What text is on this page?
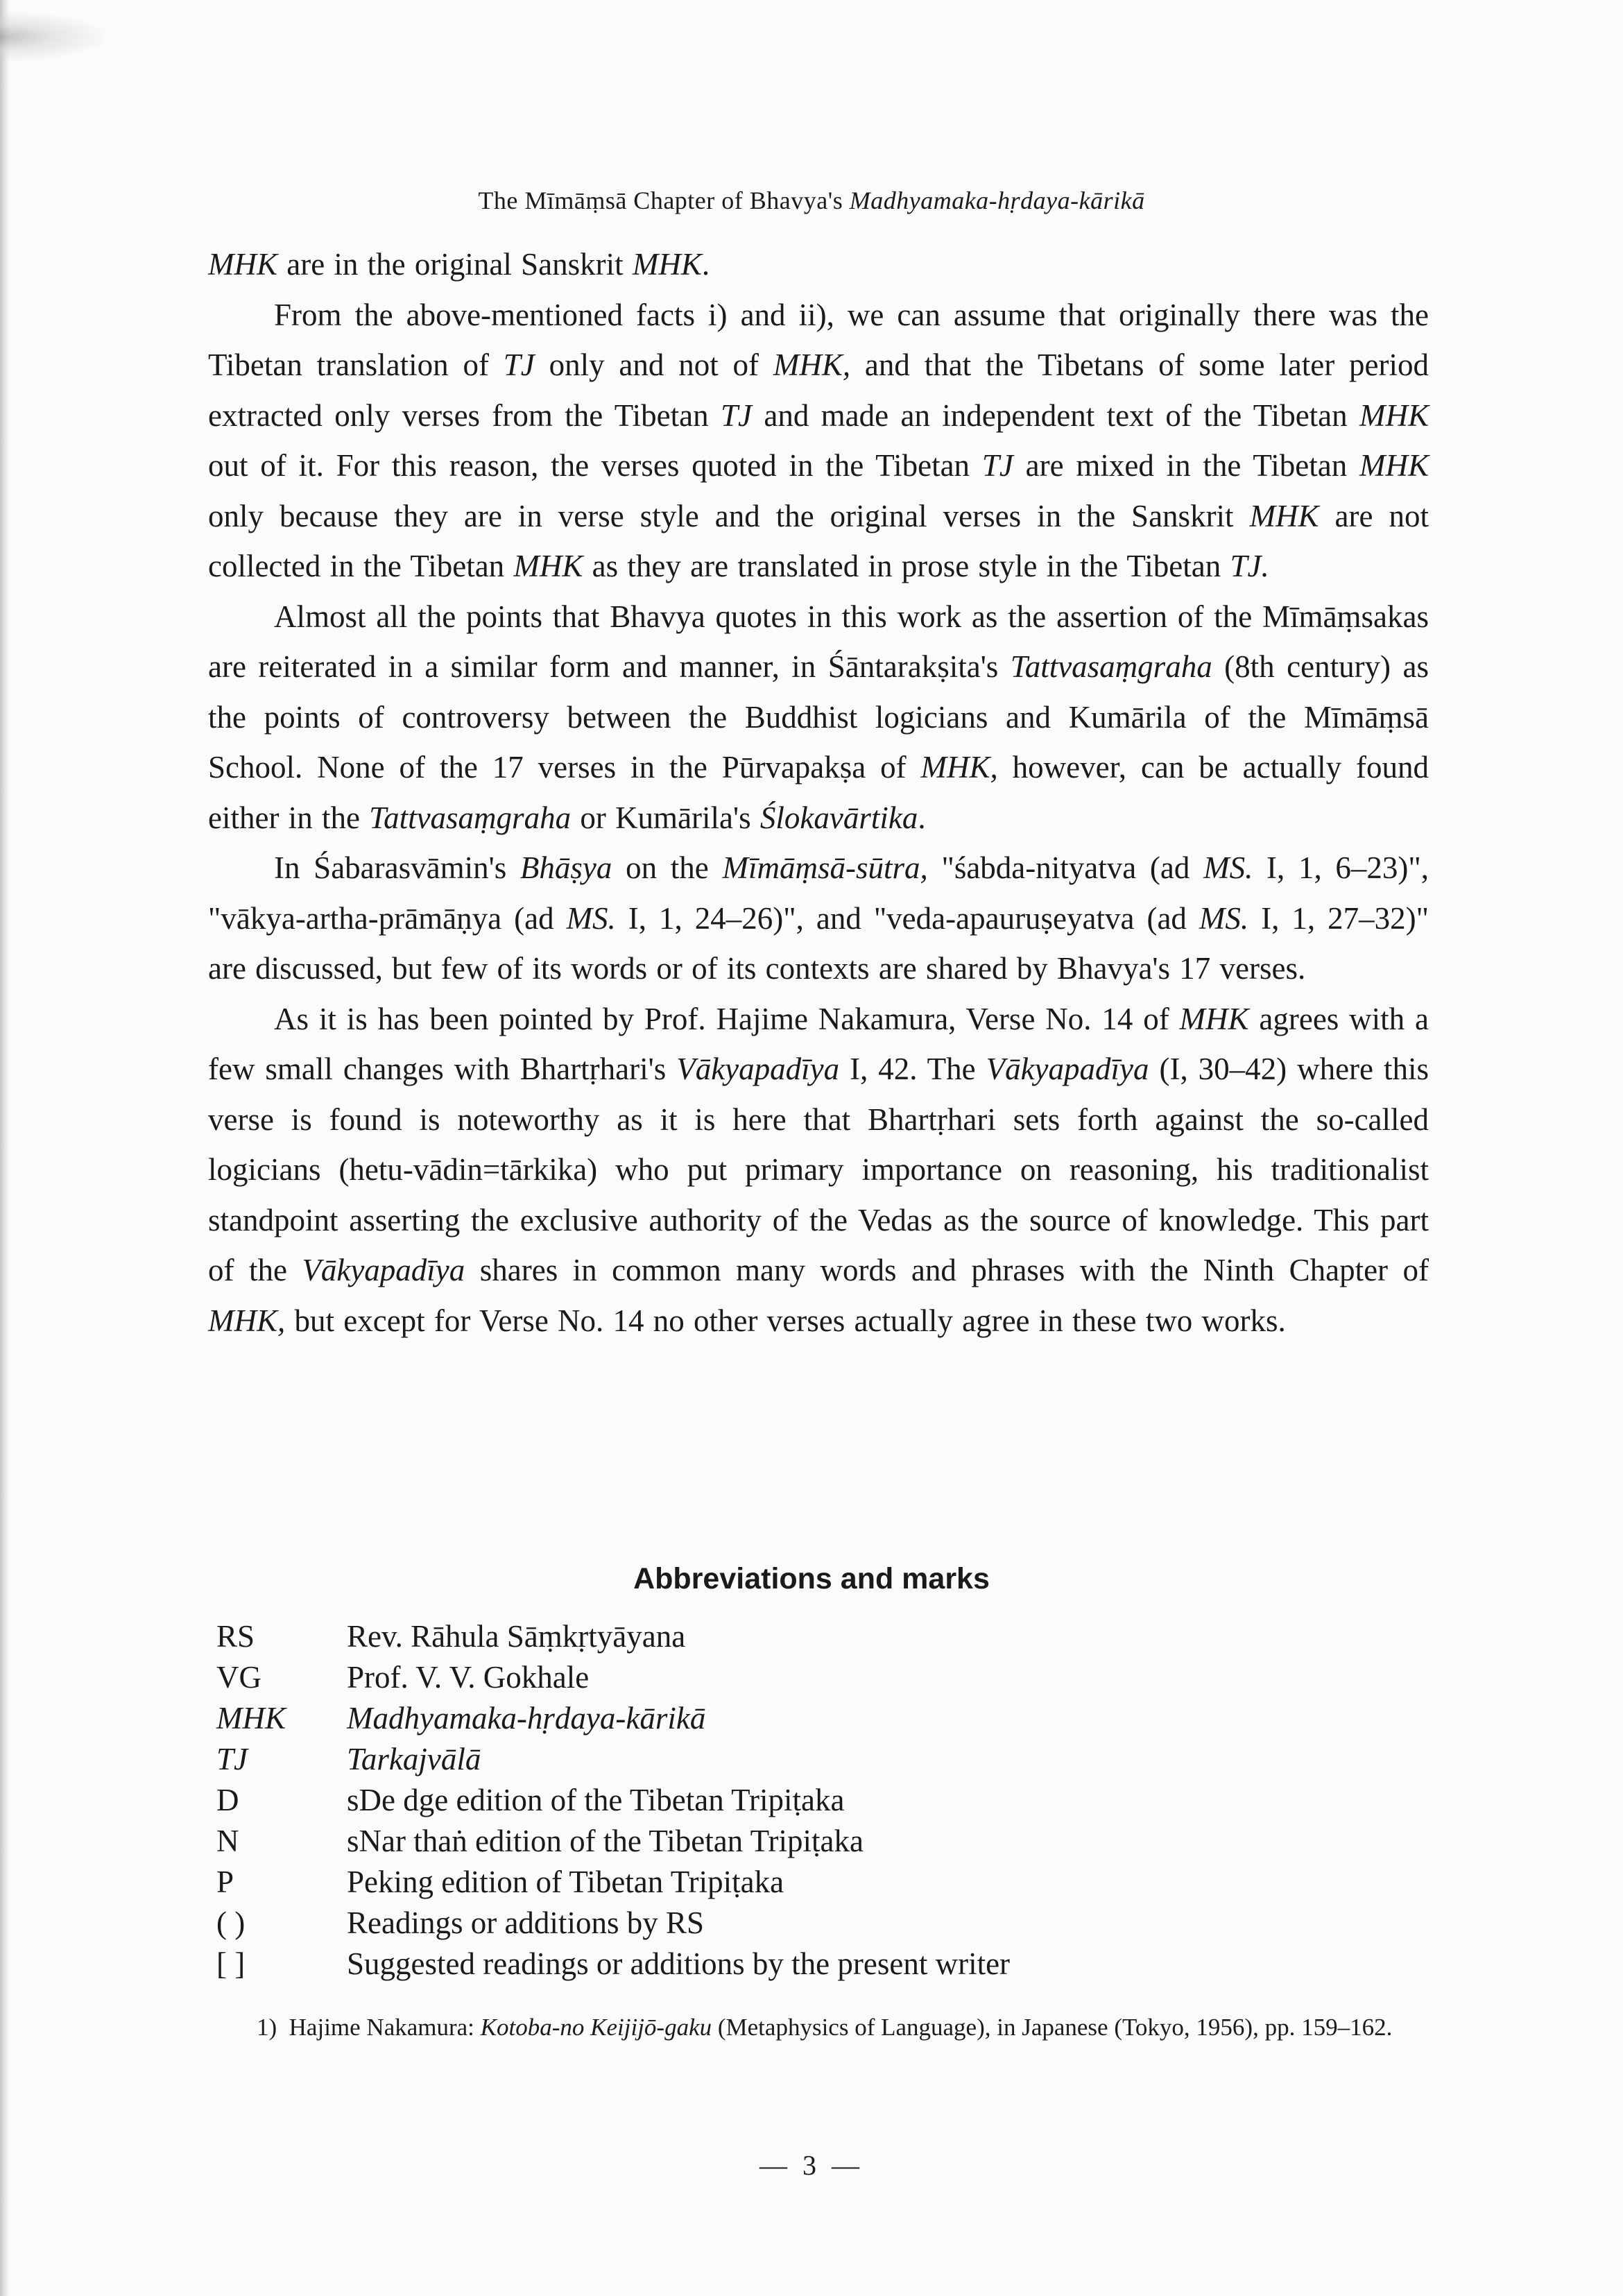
The Mīmāṃsā Chapter of Bhavya's Madhyamaka-hṛdaya-kārikā

MHK are in the original Sanskrit MHK.

From the above-mentioned facts i) and ii), we can assume that originally there was the Tibetan translation of TJ only and not of MHK, and that the Tibetans of some later period extracted only verses from the Tibetan TJ and made an independent text of the Tibetan MHK out of it. For this reason, the verses quoted in the Tibetan TJ are mixed in the Tibetan MHK only because they are in verse style and the original verses in the Sanskrit MHK are not collected in the Tibetan MHK as they are translated in prose style in the Tibetan TJ.

Almost all the points that Bhavya quotes in this work as the assertion of the Mīmāṃsakas are reiterated in a similar form and manner, in Śāntarakṣita's Tattvasaṃgraha (8th century) as the points of controversy between the Buddhist logicians and Kumārila of the Mīmāṃsā School. None of the 17 verses in the Pūrvapakṣa of MHK, however, can be actually found either in the Tattvasaṃgraha or Kumārila's Ślokavārtika.

In Śabarasvāmin's Bhāṣya on the Mīmāṃsā-sūtra, "śabda-nityatva (ad MS. I, 1, 6–23)", "vākya-artha-prāmāṇya (ad MS. I, 1, 24–26)", and "veda-apauruṣeyatva (ad MS. I, 1, 27–32)" are discussed, but few of its words or of its contexts are shared by Bhavya's 17 verses.

As it is has been pointed by Prof. Hajime Nakamura, Verse No. 14 of MHK agrees with a few small changes with Bhartṛhari's Vākyapadīya I, 42. The Vākyapadīya (I, 30–42) where this verse is found is noteworthy as it is here that Bhartṛhari sets forth against the so-called logicians (hetu-vādin=tārkika) who put primary importance on reasoning, his traditionalist standpoint asserting the exclusive authority of the Vedas as the source of knowledge. This part of the Vākyapadīya shares in common many words and phrases with the Ninth Chapter of MHK, but except for Verse No. 14 no other verses actually agree in these two works.

Abbreviations and marks
RS	Rev. Rāhula Sāṃkṛtyāyana
VG	Prof. V. V. Gokhale
MHK	Madhyamaka-hṛdaya-kārikā
TJ	Tarkajvālā
D	sDe dge edition of the Tibetan Tripiṭaka
N	sNar thaṅ edition of the Tibetan Tripiṭaka
P	Peking edition of Tibetan Tripiṭaka
( )	Readings or additions by RS
[ ]	Suggested readings or additions by the present writer
1) Hajime Nakamura: Kotoba-no Keijijō-gaku (Metaphysics of Language), in Japanese (Tokyo, 1956), pp. 159–162.
— 3 —
